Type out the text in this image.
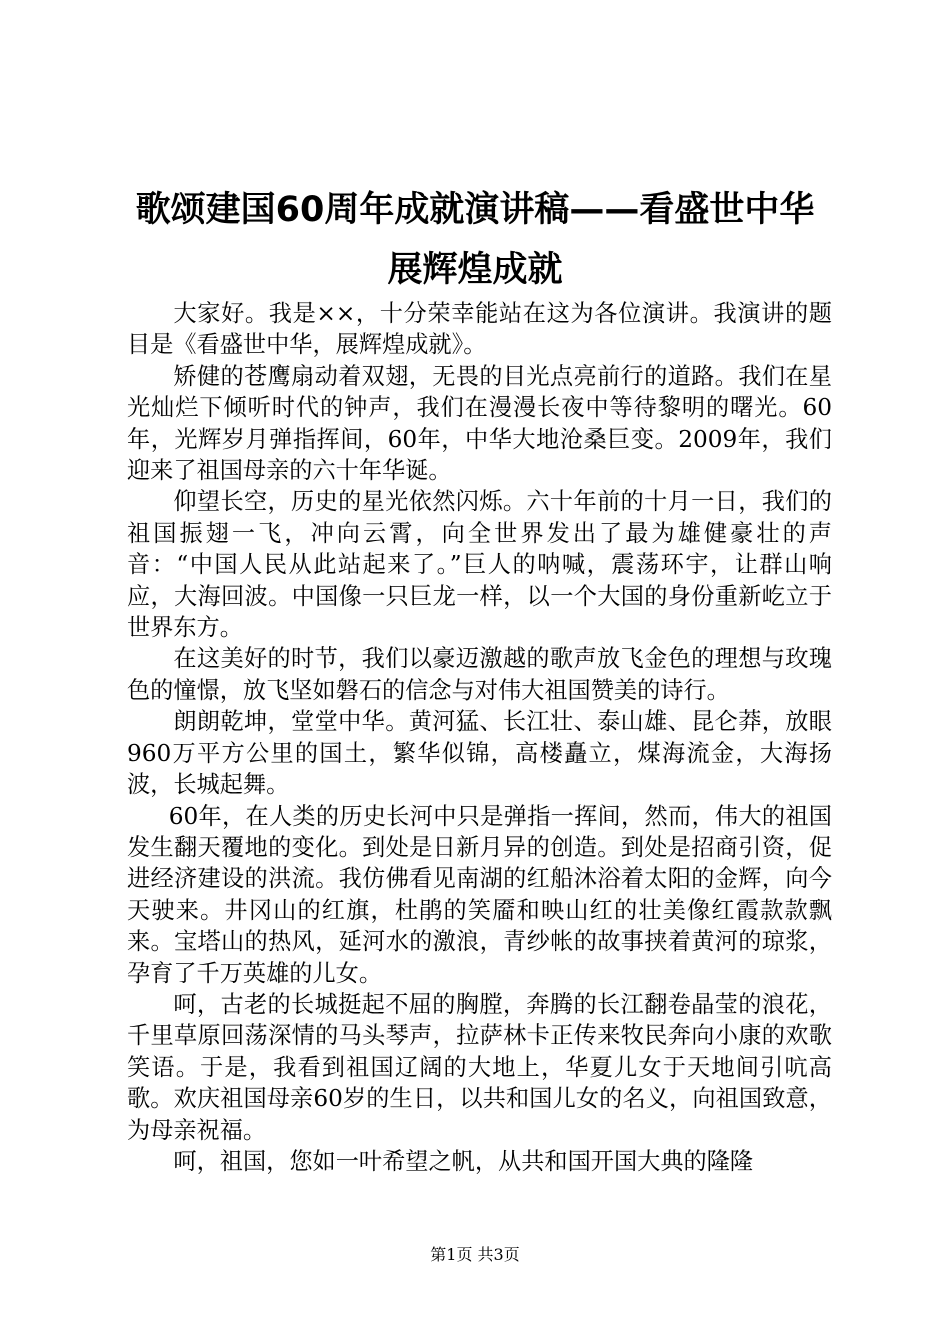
歌颂建国60周年成就演讲稿——看盛世中华
展辉煌成就

大家好。我是××，十分荣幸能站在这为各位演讲。我演讲的题目是《看盛世中华，展辉煌成就》。

矫健的苍鹰扇动着双翅，无畏的目光点亮前行的道路。我们在星光灿烂下倾听时代的钟声，我们在漫漫长夜中等待黎明的曙光。60年，光辉岁月弹指挥间，60年，中华大地沧桑巨变。2009年，我们迎来了祖国母亲的六十年华诞。

仰望长空，历史的星光依然闪烁。六十年前的十月一日，我们的祖国振翅一飞，冲向云霄，向全世界发出了最为雄健豪壮的声音：“中国人民从此站起来了。”巨人的呐喊，震荡环宇，让群山响应，大海回波。中国像一只巨龙一样，以一个大国的身份重新屹立于世界东方。

在这美好的时节，我们以豪迈激越的歌声放飞金色的理想与玫瑰色的憧憬，放飞坚如磐石的信念与对伟大祖国赞美的诗行。

朗朗乾坤，堂堂中华。黄河猛、长江壮、泰山雄、昆仑莽，放眼960万平方公里的国土，繁华似锦，高楼矗立，煤海流金，大海扬波，长城起舞。

60年，在人类的历史长河中只是弹指一挥间，然而，伟大的祖国发生翻天覆地的变化。到处是日新月异的创造。到处是招商引资，促进经济建设的洪流。我仿佛看见南湖的红船沐浴着太阳的金辉，向今天驶来。井冈山的红旗，杜鹃的笑靥和映山红的壮美像红霞款款飘来。宝塔山的热风，延河水的激浪，青纱帐的故事挟着黄河的琼浆，孕育了千万英雄的儿女。

呵，古老的长城挺起不屈的胸膛，奔腾的长江翻卷晶莹的浪花，千里草原回荡深情的马头琴声，拉萨林卡正传来牧民奔向小康的欢歌笑语。于是，我看到祖国辽阔的大地上，华夏儿女于天地间引吭高歌。欢庆祖国母亲60岁的生日，以共和国儿女的名义，向祖国致意，为母亲祝福。

呵，祖国，您如一叶希望之帆，从共和国开国大典的隆隆

第1页 共3页
